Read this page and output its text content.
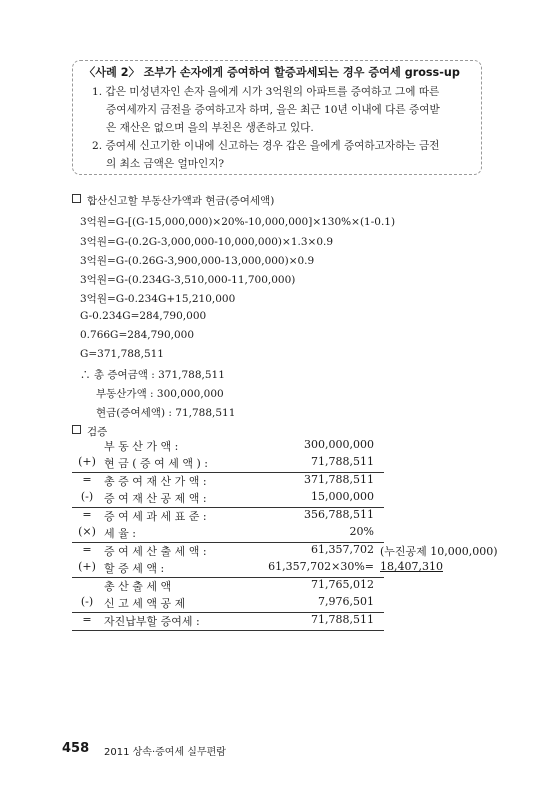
〈사례 2〉 조부가 손자에게 증여하여 할증과세되는 경우 증여세 gross-up
1. 갑은 미성년자인 손자 을에게 시가 3억원의 아파트를 증여하고 그에 따른
증여세까지 금전을 증여하고자 하며, 을은 최근 10년 이내에 다른 증여받
은 재산은 없으며 을의 부친은 생존하고 있다.
2. 증여세 신고기한 이내에 신고하는 경우 갑은 을에게 증여하고자하는 금전
의 최소 금액은 얼마인지?
합산신고할 부동산가액과 현금(증여세액)
3억원=G-[(G-15,000,000)×20%-10,000,000]×130%×(1-0.1)
3억원=G-(0.2G-3,000,000-10,000,000)×1.3×0.9
3억원=G-(0.26G-3,900,000-13,000,000)×0.9
3억원=G-(0.234G-3,510,000-11,700,000)
3억원=G-0.234G+15,210,000
G-0.234G=284,790,000
0.766G=284,790,000
G=371,788,511
∴ 총 증여금액 : 371,788,511
부동산가액 : 300,000,000
현금(증여세액) : 71,788,511
검증
부 동 산 가 액 :	300,000,000
(+) 현 금 ( 증 여 세 액 ) :	71,788,511
=	총 증 여 재 산 가 액 :	371,788,511
(-) 증 여 재 산 공 제 액 :	15,000,000
=	증 여 세 과 세 표 준 :	356,788,511
(×) 세 율 :	20%
=	증 여 세 산 출 세 액 :	61,357,702 (누진공제 10,000,000)
(+) 할 증 세 액 :	61,357,702×30%= 18,407,310
총 산 출 세 액	71,765,012
(-) 신 고 세 액 공 제	7,976,501
=	자진납부할 증여세 :	71,788,511
458 2011 상속·증여세 실무편람
